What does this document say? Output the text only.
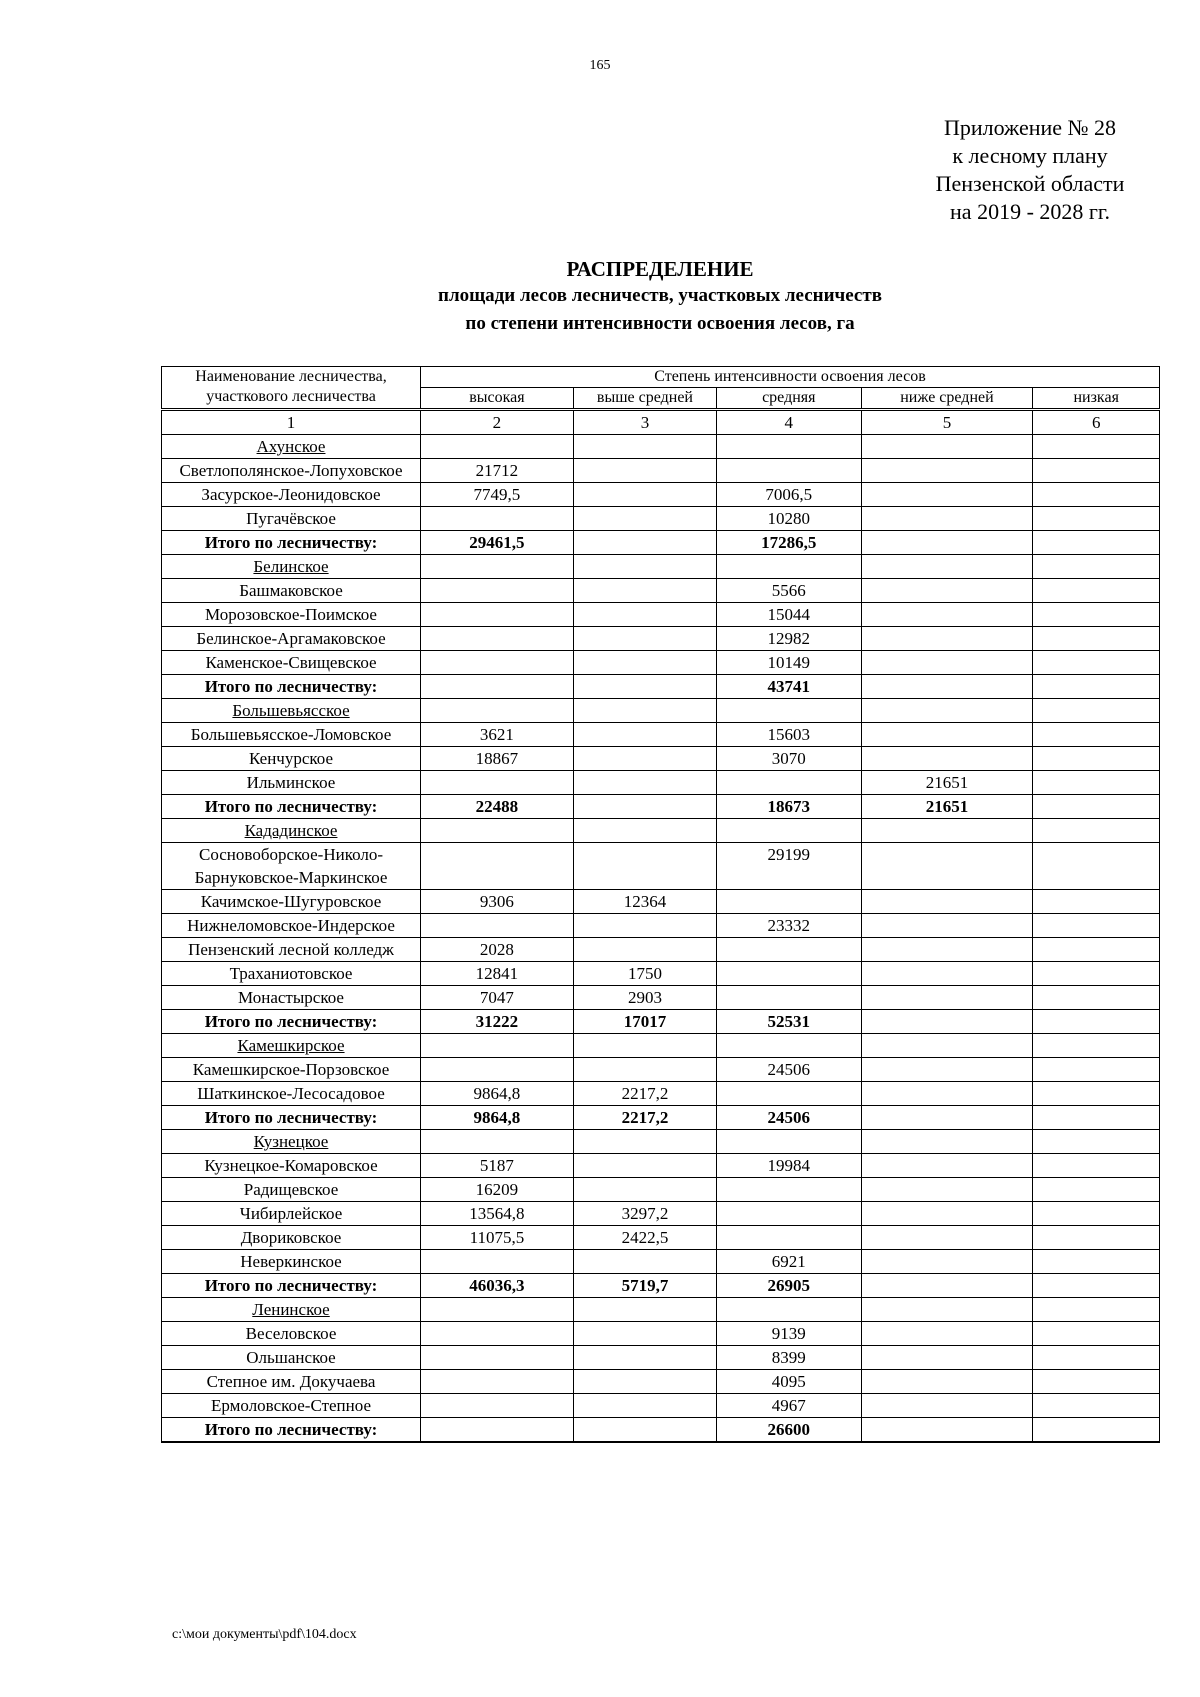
165
Приложение № 28
к лесному плану
Пензенской области
на 2019 - 2028 гг.
РАСПРЕДЕЛЕНИЕ
площади лесов лесничеств, участковых лесничеств
по степени интенсивности освоения лесов, га
Наименование лесничества, участкового лесничества	Степень интенсивности освоения лесов				
	высокая	выше средней	средняя	ниже средней	низкая
1	2	3	4	5	6
Ахунское					
Светлополянское-Лопуховское	21712				
Засурское-Леонидовское	7749,5		7006,5		
Пугачёвское			10280		
Итого по лесничеству:	29461,5		17286,5		
Белинское					
Башмаковское			5566		
Морозовское-Поимское			15044		
Белинское-Аргамаковское			12982		
Каменское-Свищевское			10149		
Итого по лесничеству:			43741		
Большевьясское					
Большевьясское-Ломовское	3621		15603		
Кенчурское	18867		3070		
Ильминское				21651	
Итого по лесничеству:	22488		18673	21651	
Кададинское					
Сосновоборское-Николо-Барнуковское-Маркинское			29199		
Качимское-Шугуровское	9306	12364			
Нижнеломовское-Индерское			23332		
Пензенский лесной колледж	2028				
Траханиотовское	12841	1750			
Монастырское	7047	2903			
Итого по лесничеству:	31222	17017	52531		
Камешкирское					
Камешкирское-Порзовское			24506		
Шаткинское-Лесосадовое	9864,8	2217,2			
Итого по лесничеству:	9864,8	2217,2	24506		
Кузнецкое					
Кузнецкое-Комаровское	5187		19984		
Радищевское	16209				
Чибирлейское	13564,8	3297,2			
Двориковское	11075,5	2422,5			
Неверкинское			6921		
Итого по лесничеству:	46036,3	5719,7	26905		
Ленинское					
Веселовское			9139		
Ольшанское			8399		
Степное им. Докучаева			4095		
Ермоловское-Степное			4967		
Итого по лесничеству:			26600		
c:\мои документы\pdf\104.docx
